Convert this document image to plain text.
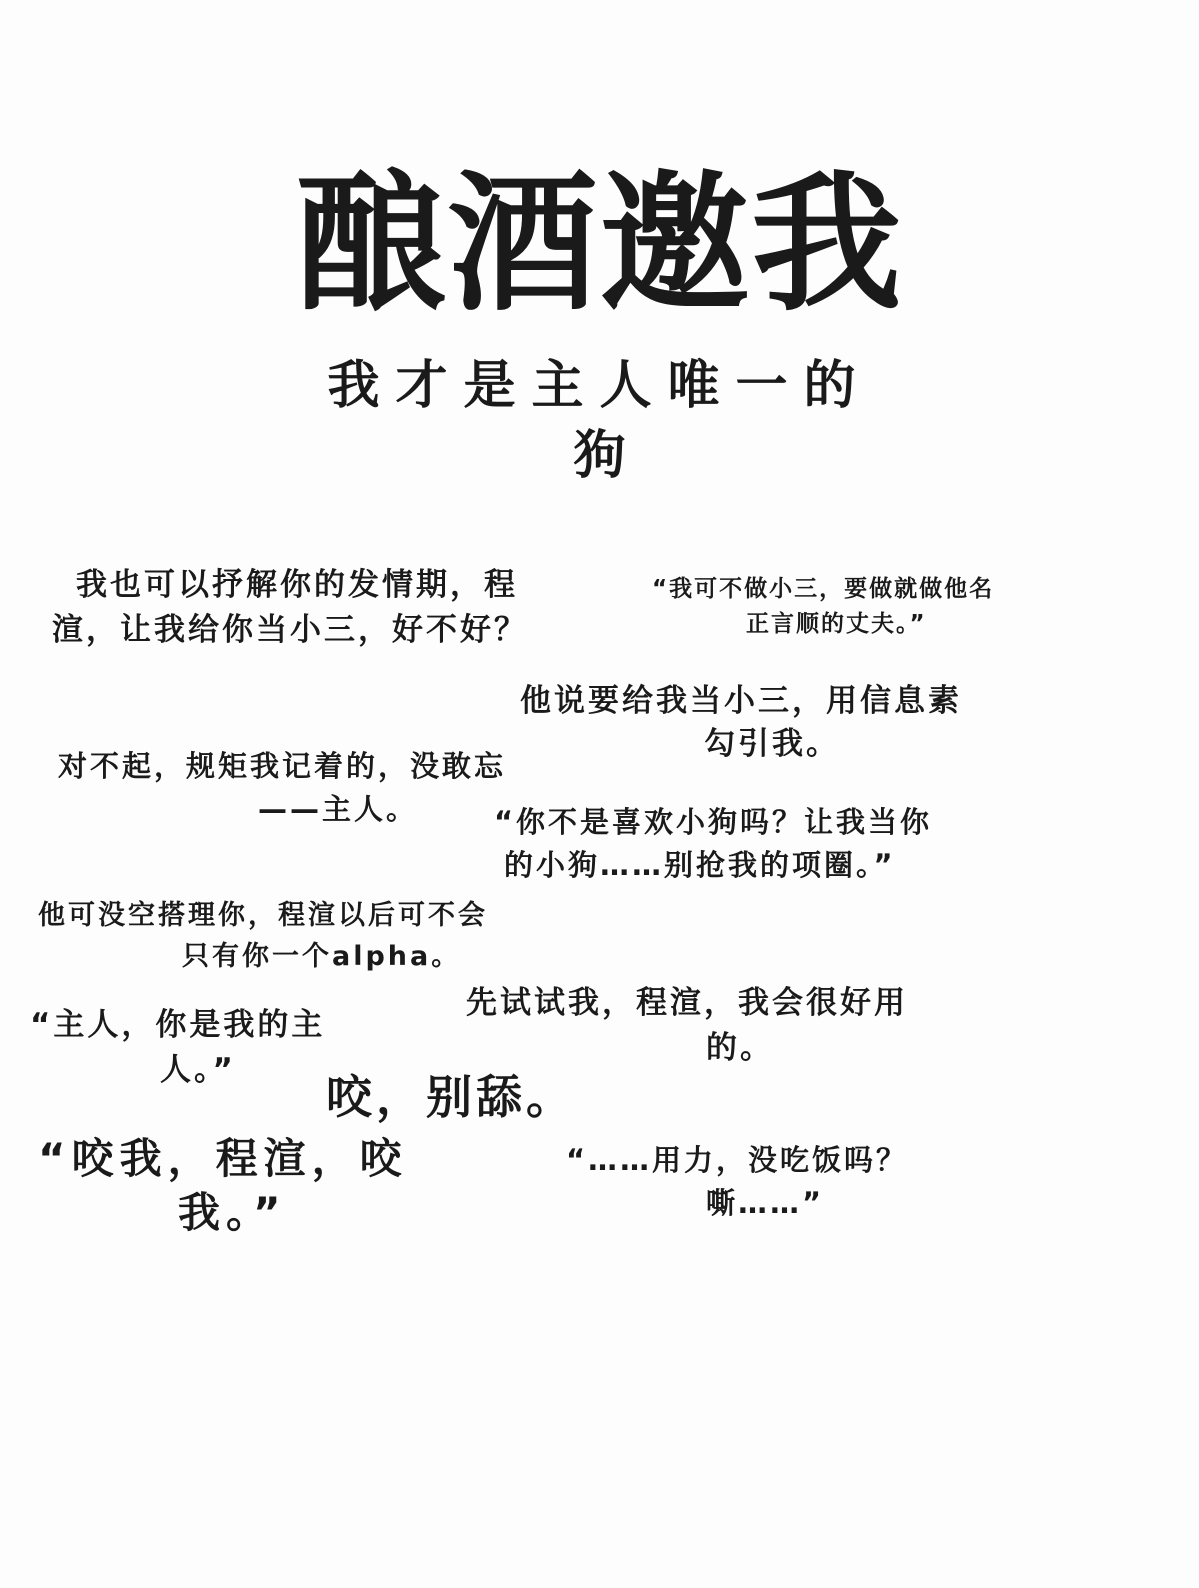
酿酒邀我
我才是主人唯一的
狗
我也可以抒解你的发情期，程
渲，让我给你当小三，好不好？
“我可不做小三，要做就做他名
正言顺的丈夫。”
他说要给我当小三，用信息素
勾引我。
对不起，规矩我记着的，没敢忘
——主人。	“你不是喜欢小狗吗？让我当你
的小狗……别抢我的项圈。”
他可没空搭理你，程渲以后可不会
只有你一个alpha。
“主人，你是我的主
人。”
先试试我，程渲，我会很好用
的。
咬，别舔。
“咬我，程渲，咬
我。”
“……用力，没吃饭吗？
嘶……”
